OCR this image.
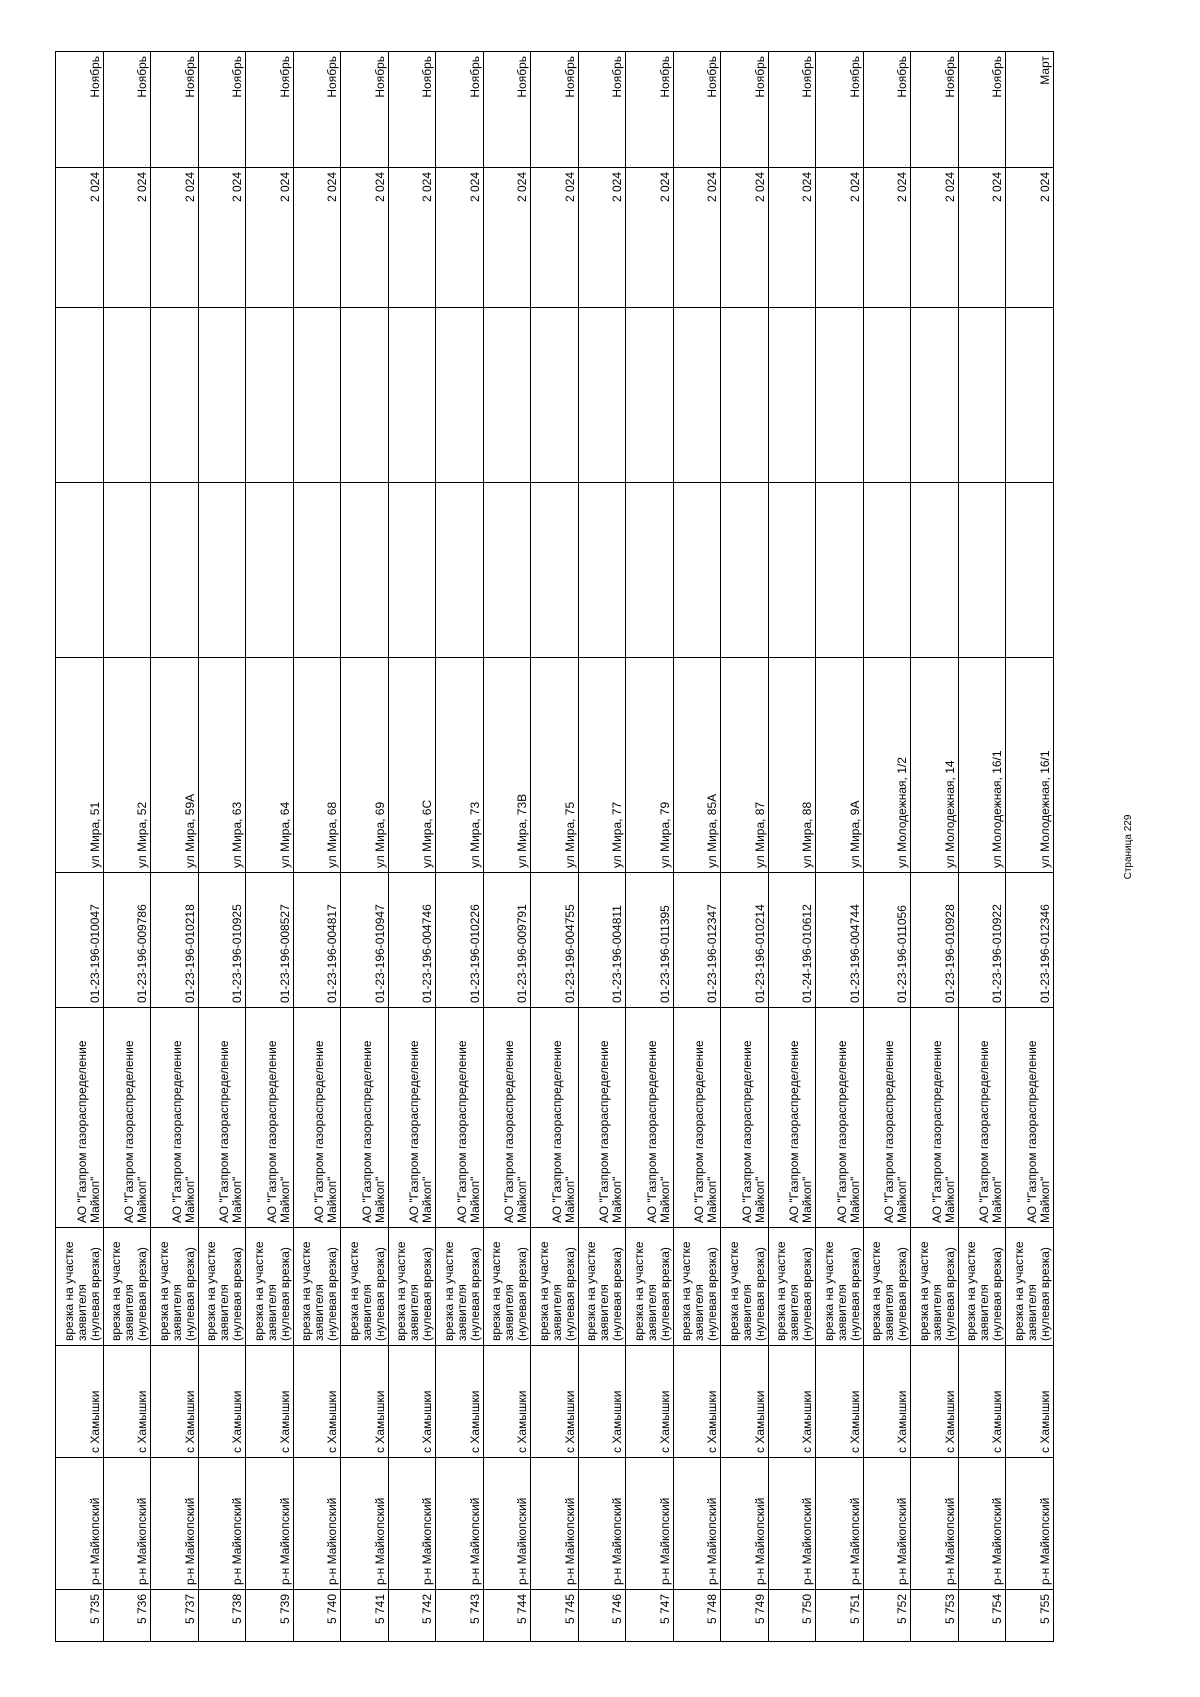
5 735	р-н Майкопский	с Хамышки	врезка на участке заявителя (нулевая врезка)	АО "Газпром газораспределение Майкоп"	01-23-196-010047	ул Мира, 51			2 024	Ноябрь
5 736	р-н Майкопский	с Хамышки	врезка на участке заявителя (нулевая врезка)	АО "Газпром газораспределение Майкоп"	01-23-196-009786	ул Мира, 52			2 024	Ноябрь
5 737	р-н Майкопский	с Хамышки	врезка на участке заявителя (нулевая врезка)	АО "Газпром газораспределение Майкоп"	01-23-196-010218	ул Мира, 59А			2 024	Ноябрь
5 738	р-н Майкопский	с Хамышки	врезка на участке заявителя (нулевая врезка)	АО "Газпром газораспределение Майкоп"	01-23-196-010925	ул Мира, 63			2 024	Ноябрь
5 739	р-н Майкопский	с Хамышки	врезка на участке заявителя (нулевая врезка)	АО "Газпром газораспределение Майкоп"	01-23-196-008527	ул Мира, 64			2 024	Ноябрь
5 740	р-н Майкопский	с Хамышки	врезка на участке заявителя (нулевая врезка)	АО "Газпром газораспределение Майкоп"	01-23-196-004817	ул Мира, 68			2 024	Ноябрь
5 741	р-н Майкопский	с Хамышки	врезка на участке заявителя (нулевая врезка)	АО "Газпром газораспределение Майкоп"	01-23-196-010947	ул Мира, 69			2 024	Ноябрь
5 742	р-н Майкопский	с Хамышки	врезка на участке заявителя (нулевая врезка)	АО "Газпром газораспределение Майкоп"	01-23-196-004746	ул Мира, 6С			2 024	Ноябрь
5 743	р-н Майкопский	с Хамышки	врезка на участке заявителя (нулевая врезка)	АО "Газпром газораспределение Майкоп"	01-23-196-010226	ул Мира, 73			2 024	Ноябрь
5 744	р-н Майкопский	с Хамышки	врезка на участке заявителя (нулевая врезка)	АО "Газпром газораспределение Майкоп"	01-23-196-009791	ул Мира, 73В			2 024	Ноябрь
5 745	р-н Майкопский	с Хамышки	врезка на участке заявителя (нулевая врезка)	АО "Газпром газораспределение Майкоп"	01-23-196-004755	ул Мира, 75			2 024	Ноябрь
5 746	р-н Майкопский	с Хамышки	врезка на участке заявителя (нулевая врезка)	АО "Газпром газораспределение Майкоп"	01-23-196-004811	ул Мира, 77			2 024	Ноябрь
5 747	р-н Майкопский	с Хамышки	врезка на участке заявителя (нулевая врезка)	АО "Газпром газораспределение Майкоп"	01-23-196-011395	ул Мира, 79			2 024	Ноябрь
5 748	р-н Майкопский	с Хамышки	врезка на участке заявителя (нулевая врезка)	АО "Газпром газораспределение Майкоп"	01-23-196-012347	ул Мира, 85А			2 024	Ноябрь
5 749	р-н Майкопский	с Хамышки	врезка на участке заявителя (нулевая врезка)	АО "Газпром газораспределение Майкоп"	01-23-196-010214	ул Мира, 87			2 024	Ноябрь
5 750	р-н Майкопский	с Хамышки	врезка на участке заявителя (нулевая врезка)	АО "Газпром газораспределение Майкоп"	01-24-196-010612	ул Мира, 88			2 024	Ноябрь
5 751	р-н Майкопский	с Хамышки	врезка на участке заявителя (нулевая врезка)	АО "Газпром газораспределение Майкоп"	01-23-196-004744	ул Мира, 9А			2 024	Ноябрь
5 752	р-н Майкопский	с Хамышки	врезка на участке заявителя (нулевая врезка)	АО "Газпром газораспределение Майкоп"	01-23-196-011056	ул Молодежная, 1/2			2 024	Ноябрь
5 753	р-н Майкопский	с Хамышки	врезка на участке заявителя (нулевая врезка)	АО "Газпром газораспределение Майкоп"	01-23-196-010928	ул Молодежная, 14			2 024	Ноябрь
5 754	р-н Майкопский	с Хамышки	врезка на участке заявителя (нулевая врезка)	АО "Газпром газораспределение Майкоп"	01-23-196-010922	ул Молодежная, 16/1			2 024	Ноябрь
5 755	р-н Майкопский	с Хамышки	врезка на участке заявителя (нулевая врезка)	АО "Газпром газораспределение Майкоп"	01-23-196-012346	ул Молодежная, 16/1			2 024	Март
Страница 229
